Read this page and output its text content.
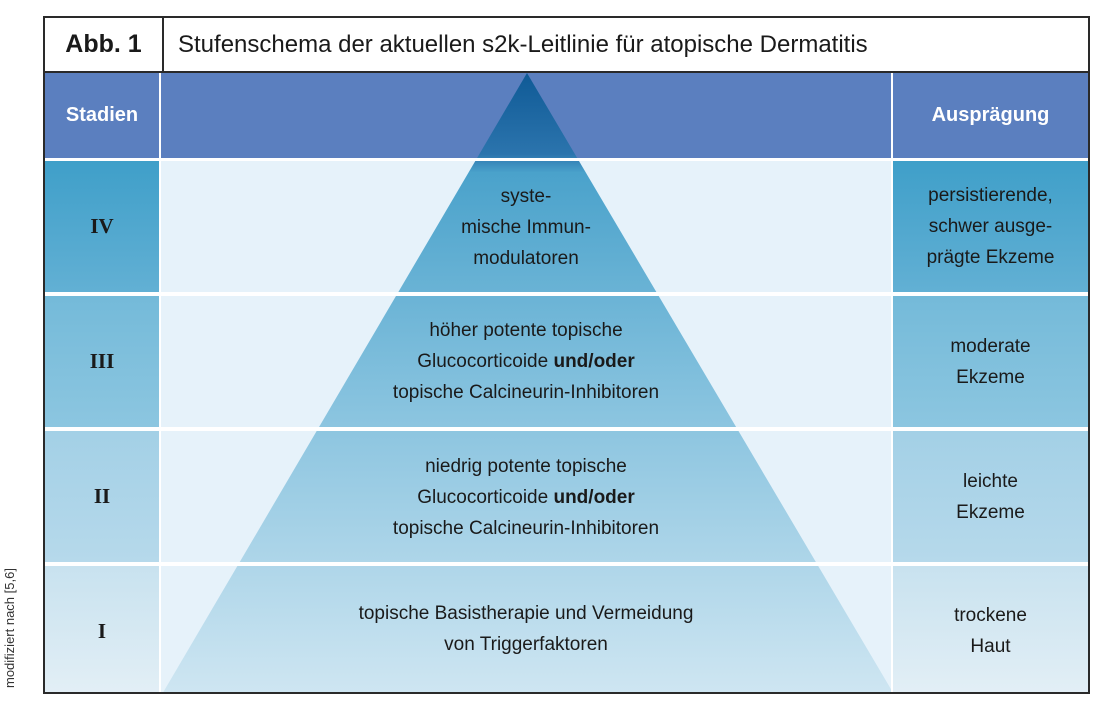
modifiziert nach [5,6]
Abb. 1	Stufenschema der aktuellen s2k-Leitlinie für atopische Dermatitis
Stadien	Ausprägung
IV
III
II
I
persistierende,
schwer ausge-
prägte Ekzeme
moderate
Ekzeme
leichte
Ekzeme
trockene
Haut
syste-
mische Immun-
modulatoren
höher potente topische
Glucocorticoide und/oder
topische Calcineurin-Inhibitoren
niedrig potente topische
Glucocorticoide und/oder
topische Calcineurin-Inhibitoren
topische Basistherapie und Vermeidung
von Triggerfaktoren
